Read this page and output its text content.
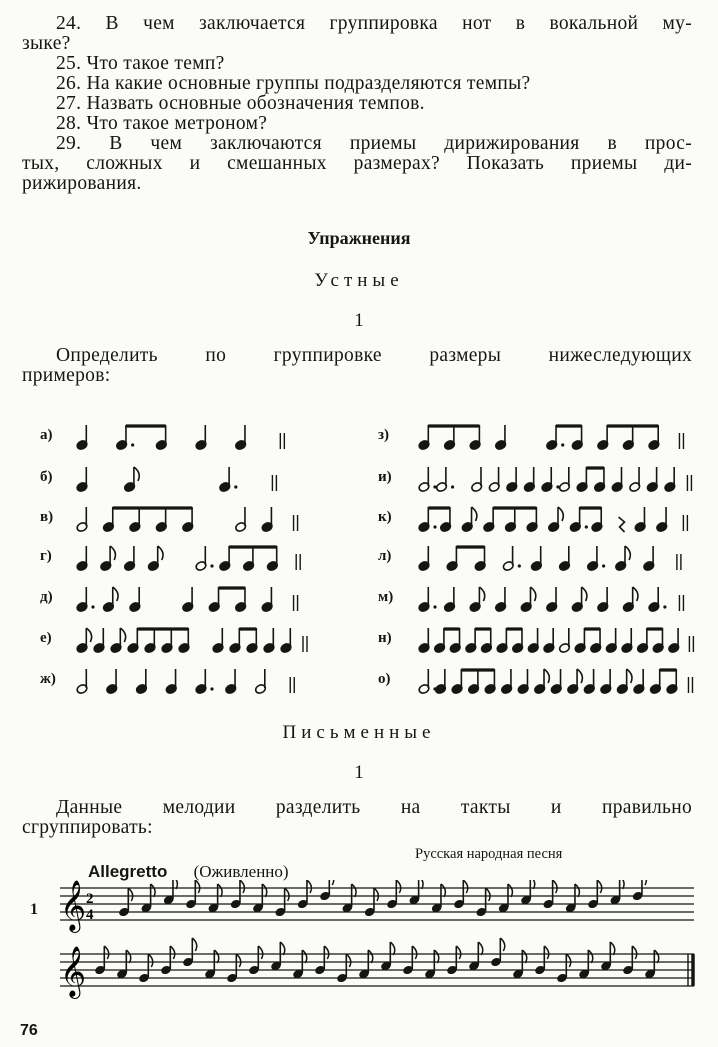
24. В чем заключается группировка нот в вокальной му-
зыке?
25. Что такое темп?
26. На какие основные группы подразделяются темпы?
27. Назвать основные обозначения темпов.
28. Что такое метроном?
29. В чем заключаются приемы дирижирования в прос-
тых, сложных и смешанных размерах? Показать приемы ди-
рижирования.
Упражнения
Устные
1
Определить по группировке размеры нижеследующих
примеров:
а)
б)
в)
г)
д)
е)
ж)
з)
и)
к)
л)
м)
н)
о)
Письменные
1
Данные мелодии разделить на такты и правильно
сгруппировать:
Русская народная песня
Allegretto (Оживленно)
1 𝄞 2
4
𝄞
76
